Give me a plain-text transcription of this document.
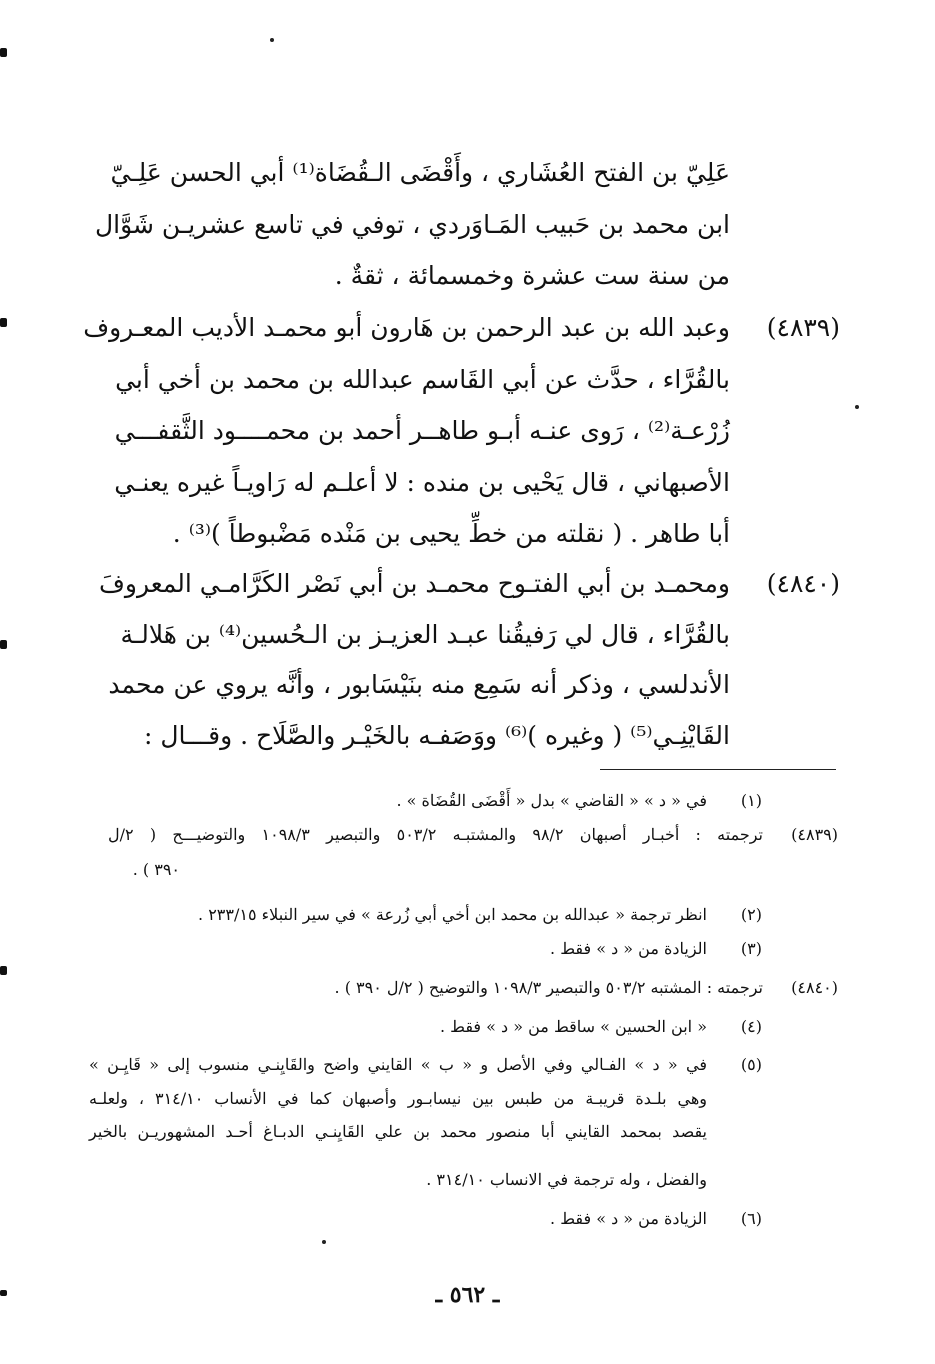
عَلِيّ بن الفتح العُشَاري ، وأَقْضَى الـقُضَاة⁽¹⁾ أبي الحسن عَلِـيّ
ابن محمد بن حَبيب المَـاوَردي ، توفي في تاسع عشريـن شَوَّال
من سنة ست عشرة وخمسمائة ، ثقةٌ .
(٤٨٣٩)
وعبد الله بن عبد الرحمن بن هَارون أبو محمـد الأديب المعـروف
بالقُرَّاء ، حدَّث عن أبي القَاسم عبدالله بن محمد بن أخي أبي
زُرْعـة⁽²⁾ ، رَوى عنـه أبـو طاهــر أحمد بن محمــــود الثَّقفـــي
الأصبهاني ، قال يَحْيى بن منده : لا أعلـم له رَاويـاً غيره يعنـي
أبا طاهر . ( نقلته من خطِّ يحيى بن مَنْده مَضْبوطاً )⁽³⁾ .
(٤٨٤٠)
ومحمـد بن أبي الفتـوح محمـد بن أبي نَصْر الكَرَّامـي المعروفَ
بالقُرَّاء ، قال لي رَفيقُنا عبـد العزيـز بن الـحُسين⁽⁴⁾ بن هَلالـة
الأندلسي ، وذكر أنه سَمِع منه بنَيْسَابور ، وأنَّه يروي عن محمد
القَايْنِـي⁽⁵⁾ ( وغيره )⁽⁶⁾ ووَصَفـه بالخَيْـر والصَّلَاح . وقـــال :
(١)
في « د » « القاضي » بدل « أَقْضَى القُضَاة » .
(٤٨٣٩)
ترجمته : أخبـار أصبهان ٩٨/٢ والمشتبـه ٥٠٣/٢ والتبصير ١٠٩٨/٣ والتوضيـــح ( ٢/ل
٣٩٠ ) .
(٢)
انظر ترجمة « عبدالله بن محمد ابن أخي أبي زُرعة » في سير النبلاء ٢٣٣/١٥ .
(٣)
الزيادة من « د » فقط .
(٤٨٤٠)
ترجمته : المشتبه ٥٠٣/٢ والتبصير ١٠٩٨/٣ والتوضيح ( ٢/ل ٣٩٠ ) .
(٤)
« ابن الحسين » ساقط من « د » فقط .
(٥)
في « د » الفـالي وفي الأصل و « ب » القايني واضح والقَايِنـي منسوب إلى « قَايِـن »
وهي بلـدة قريبـة من طبس بين نيسابـور وأصبهان كما في الأنساب ٣١٤/١٠ ، ولعلـه
يقصد بمحمد القايني أبا منصور محمد بن علي القَايِنـي الدبـاغ أحـد المشهوريـن بالخير
والفضل ، وله ترجمة في الانساب ٣١٤/١٠ .
(٦)
الزيادة من « د » فقط .
ـ ٥٦٢ ـ
